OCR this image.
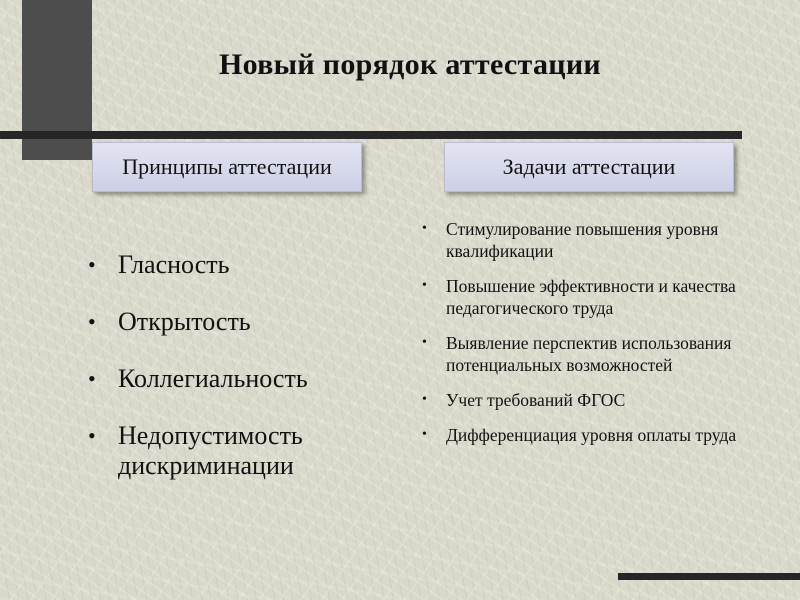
Новый порядок аттестации
Принципы аттестации	Задачи аттестации
• Гласность
• Открытость
• Коллегиальность
• Недопустимость дискриминации
• Стимулирование повышения уровня квалификации
• Повышение эффективности и качества педагогического труда
• Выявление перспектив использования потенциальных возможностей
• Учет требований ФГОС
• Дифференциация уровня оплаты труда
